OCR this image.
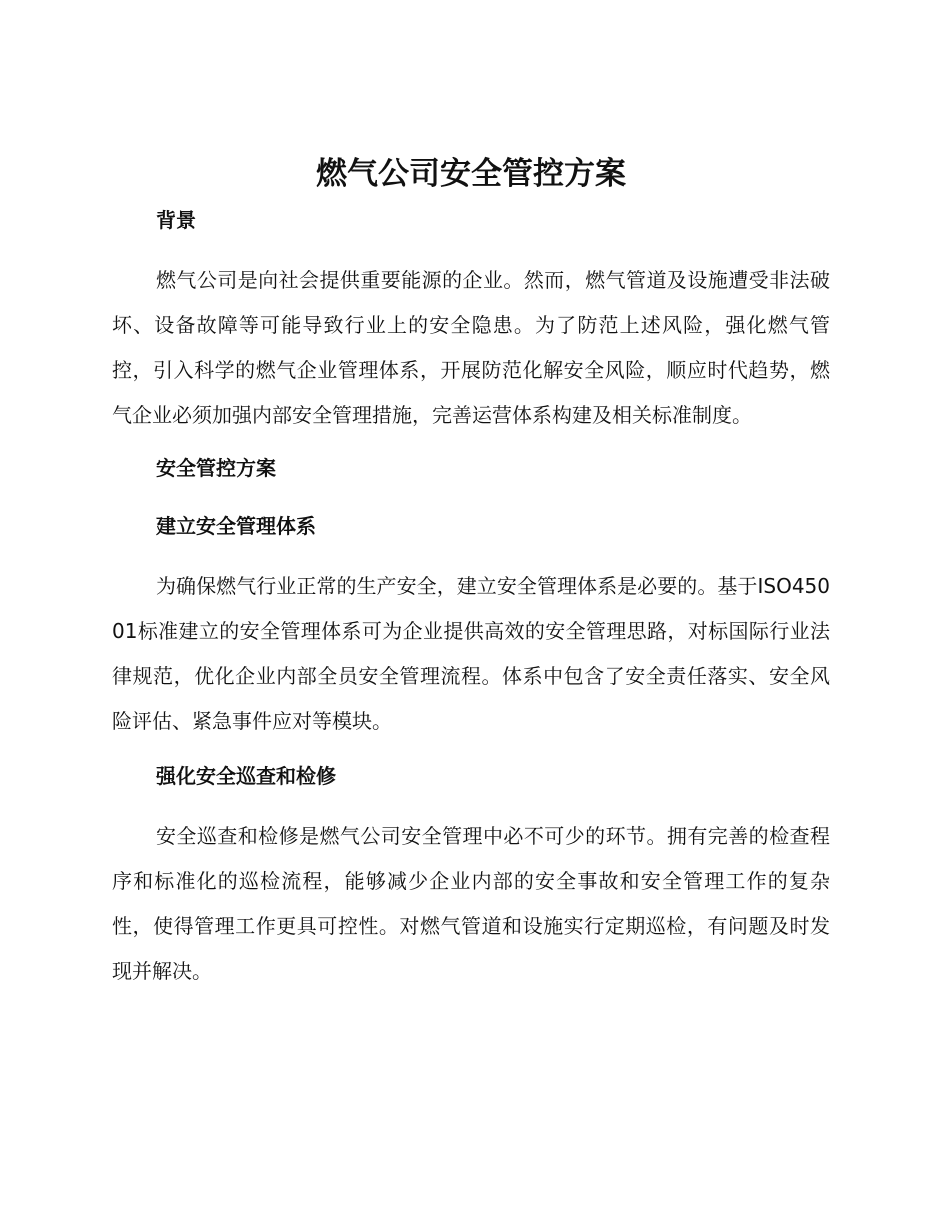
燃气公司安全管控方案
背景

燃气公司是向社会提供重要能源的企业。然而，燃气管道及设施遭受非法破坏、设备故障等可能导致行业上的安全隐患。为了防范上述风险，强化燃气管控，引入科学的燃气企业管理体系，开展防范化解安全风险，顺应时代趋势，燃气企业必须加强内部安全管理措施，完善运营体系构建及相关标准制度。

安全管控方案
建立安全管理体系

为确保燃气行业正常的生产安全，建立安全管理体系是必要的。基于ISO45001标准建立的安全管理体系可为企业提供高效的安全管理思路，对标国际行业法律规范，优化企业内部全员安全管理流程。体系中包含了安全责任落实、安全风险评估、紧急事件应对等模块。

强化安全巡查和检修

安全巡查和检修是燃气公司安全管理中必不可少的环节。拥有完善的检查程序和标准化的巡检流程，能够减少企业内部的安全事故和安全管理工作的复杂性，使得管理工作更具可控性。对燃气管道和设施实行定期巡检，有问题及时发现并解决。
